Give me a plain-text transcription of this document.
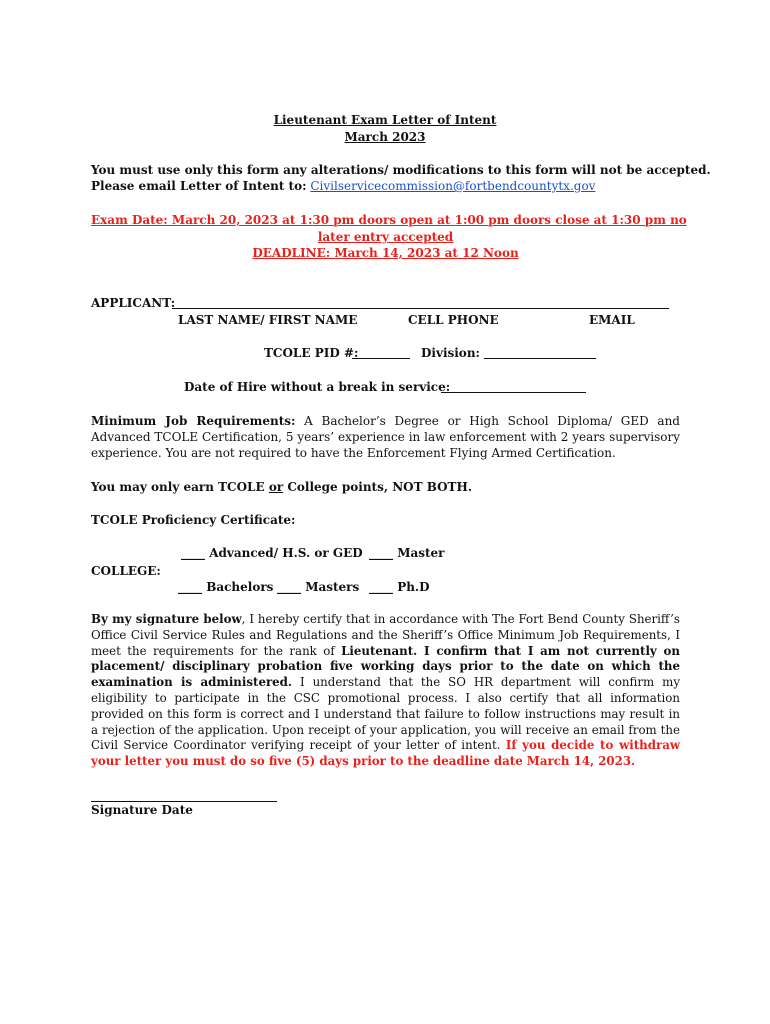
Lieutenant Exam Letter of Intent
March 2023
You must use only this form any alterations/ modifications to this form will not be accepted.
Please email Letter of Intent to: Civilservicecommission@fortbendcountytx.gov
Exam Date: March 20, 2023 at 1:30 pm doors open at 1:00 pm doors close at 1:30 pm no
later entry accepted
DEADLINE: March 14, 2023 at 12 Noon
APPLICANT:
LAST NAME/ FIRST NAME	CELL PHONE	EMAIL
TCOLE PID #:	Division:
Date of Hire without a break in service:
Minimum Job Requirements: A Bachelor’s Degree or High School Diploma/ GED and Advanced TCOLE Certification, 5 years’ experience in law enforcement with 2 years supervisory experience. You are not required to have the Enforcement Flying Armed Certification.
You may only earn TCOLE or College points, NOT BOTH.
TCOLE Proficiency Certificate:
____ Advanced/ H.S. or GED ____ Master
COLLEGE:
____ Bachelors ____ Masters ____ Ph.D
By my signature below, I hereby certify that in accordance with The Fort Bend County Sheriff’s Office Civil Service Rules and Regulations and the Sheriff’s Office Minimum Job Requirements, I meet the requirements for the rank of Lieutenant. I confirm that I am not currently on placement/ disciplinary probation five working days prior to the date on which the examination is administered. I understand that the SO HR department will confirm my eligibility to participate in the CSC promotional process. I also certify that all information provided on this form is correct and I understand that failure to follow instructions may result in a rejection of the application. Upon receipt of your application, you will receive an email from the Civil Service Coordinator verifying receipt of your letter of intent. If you decide to withdraw your letter you must do so five (5) days prior to the deadline date March 14, 2023.
Signature Date
